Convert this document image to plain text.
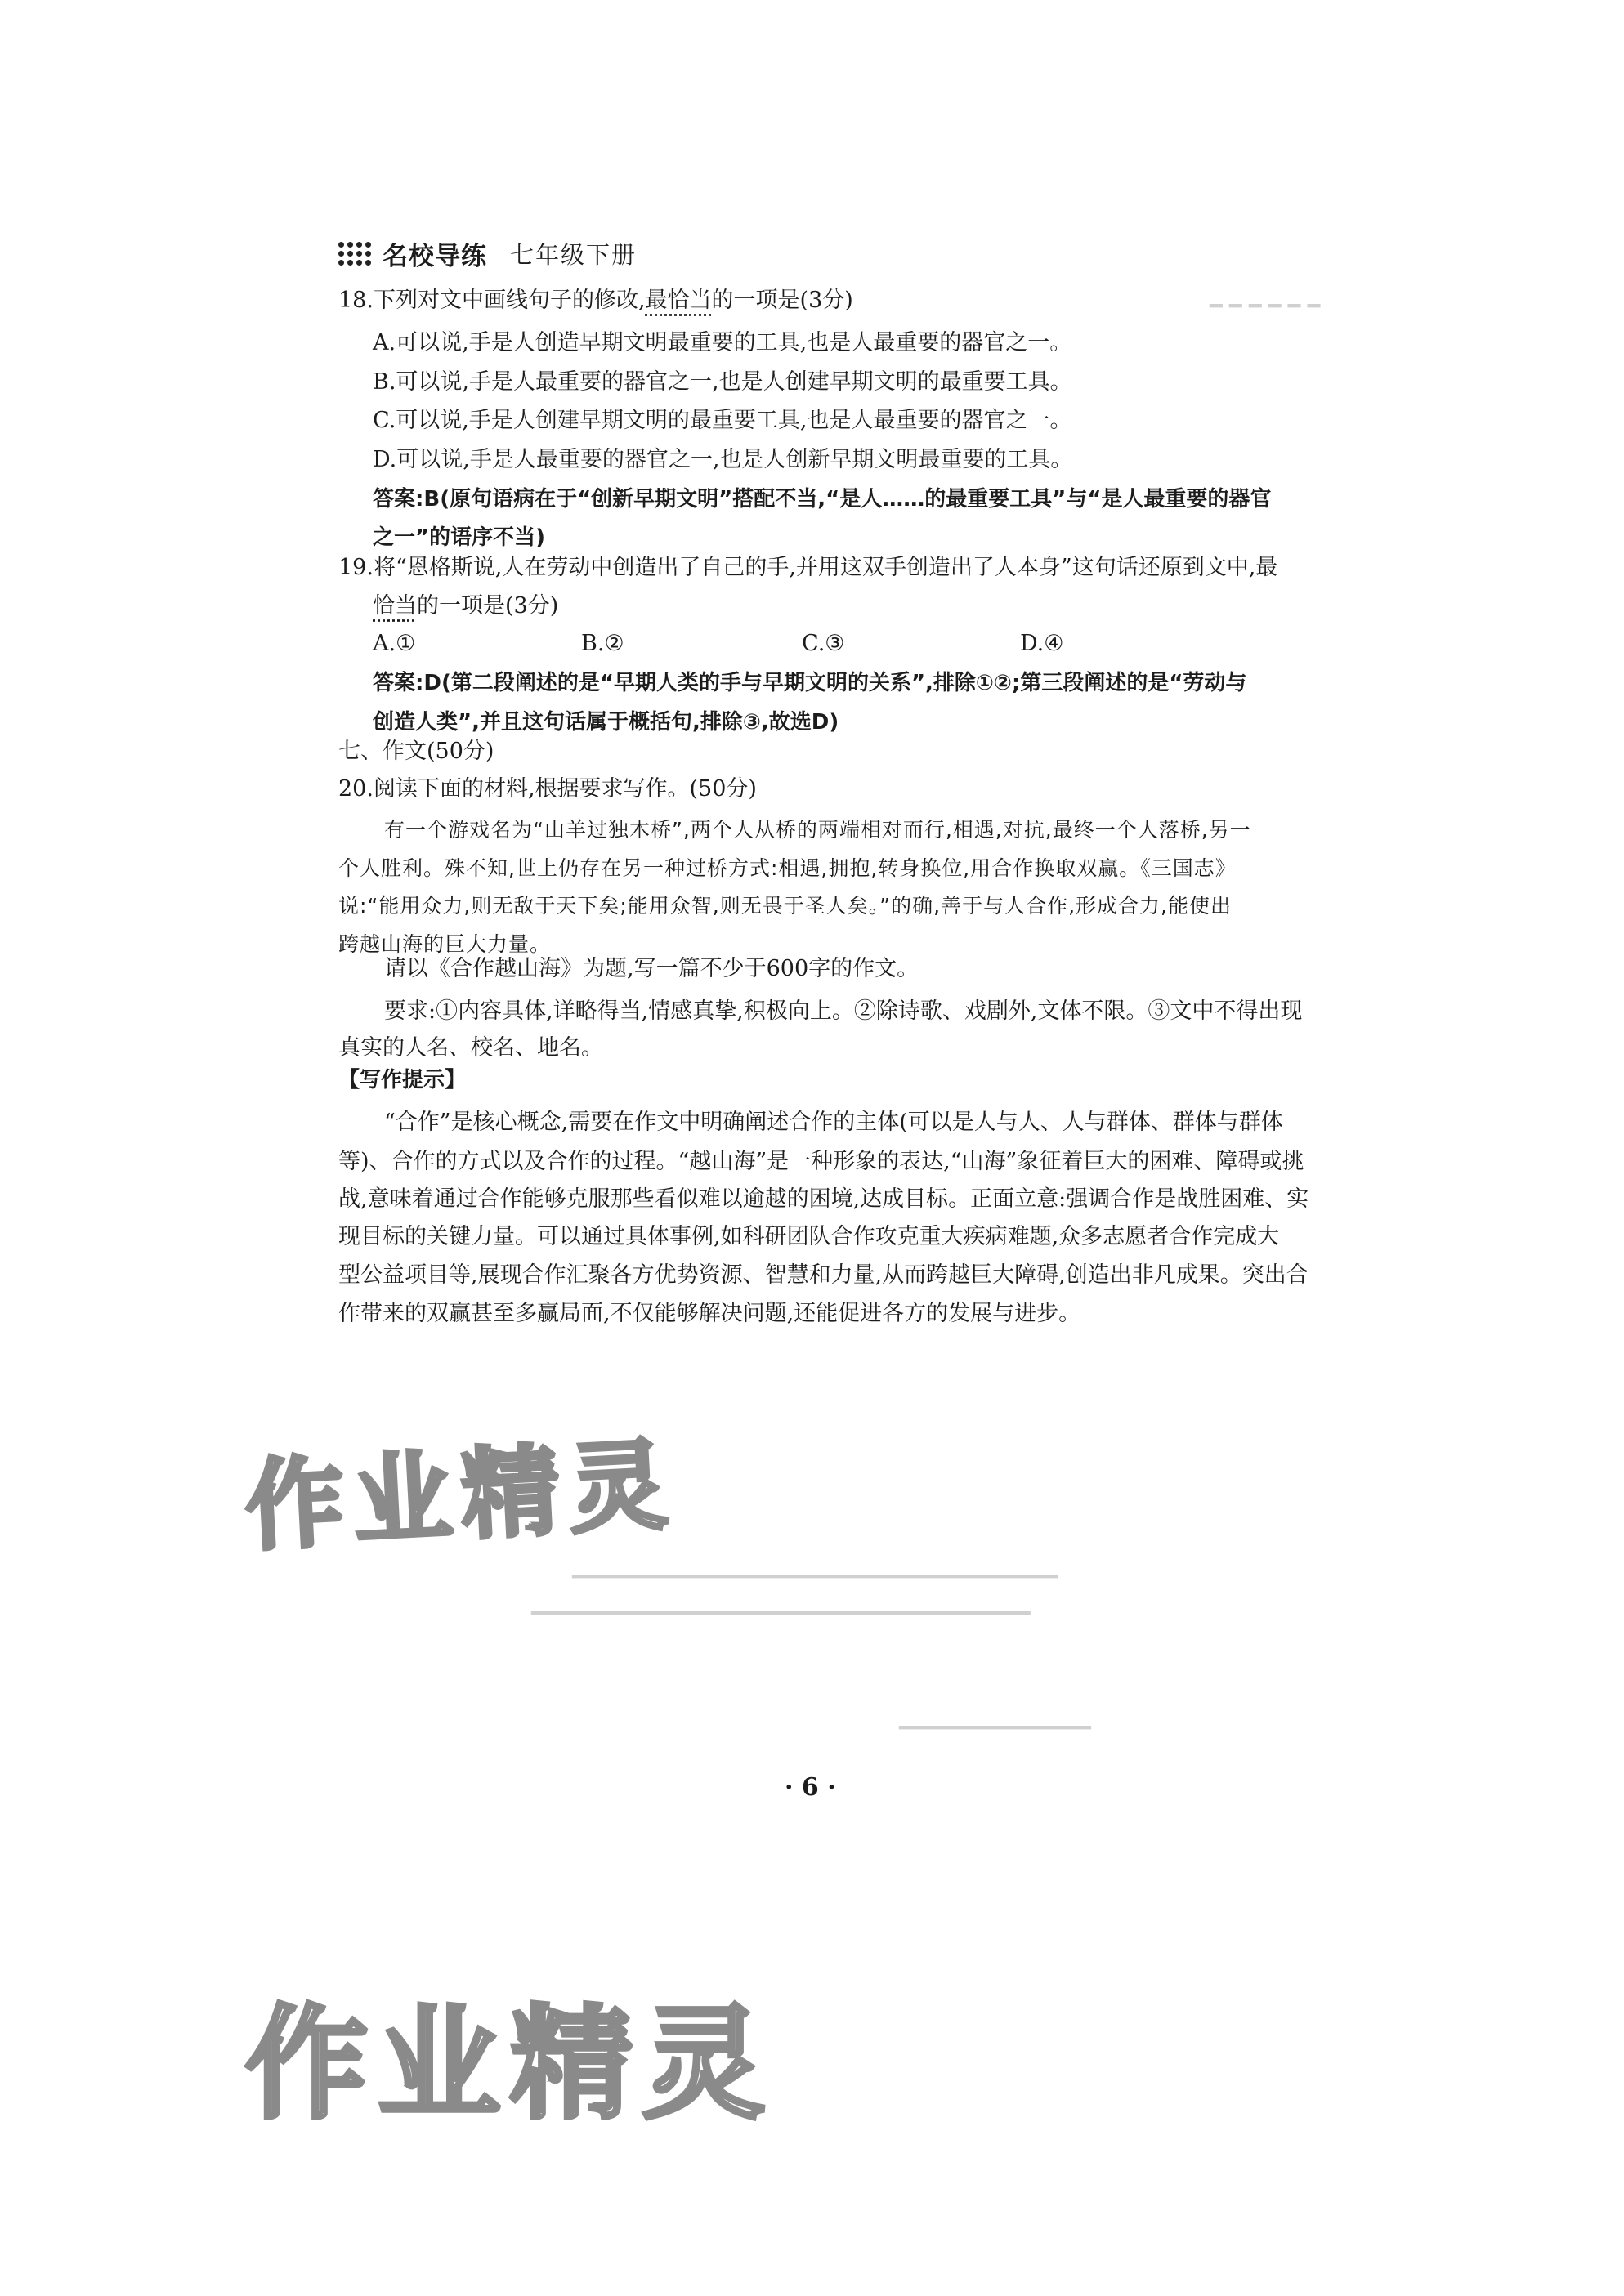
━ ━ ━ ━ ━ ━
━━━━━━━━━━━━━━━━━━━━━━━━━━━━━━━━━━━━━━
━━━━━━━━━━━━━━━━━━━━━━━━━━━━━━━━━━━━━━━
━━━━━━━━━━━━━━━
名校导练 七年级下册
18.下列对文中画线句子的修改,最恰当的一项是(3分)
A.可以说,手是人创造早期文明最重要的工具,也是人最重要的器官之一。
B.可以说,手是人最重要的器官之一,也是人创建早期文明的最重要工具。
C.可以说,手是人创建早期文明的最重要工具,也是人最重要的器官之一。
D.可以说,手是人最重要的器官之一,也是人创新早期文明最重要的工具。
答案:B(原句语病在于“创新早期文明”搭配不当,“是人……的最重要工具”与“是人最重要的器官
之一”的语序不当)
19.将“恩格斯说,人在劳动中创造出了自己的手,并用这双手创造出了人本身”这句话还原到文中,最
恰当的一项是(3分)
A.①	B.②	C.③	D.④
答案:D(第二段阐述的是“早期人类的手与早期文明的关系”,排除①②;第三段阐述的是“劳动与
创造人类”,并且这句话属于概括句,排除③,故选D)
七、作文(50分)
20.阅读下面的材料,根据要求写作。(50分)
有一个游戏名为“山羊过独木桥”,两个人从桥的两端相对而行,相遇,对抗,最终一个人落桥,另一
个人胜利。殊不知,世上仍存在另一种过桥方式:相遇,拥抱,转身换位,用合作换取双赢。《三国志》
说:“能用众力,则无敌于天下矣;能用众智,则无畏于圣人矣。”的确,善于与人合作,形成合力,能使出
跨越山海的巨大力量。
请以《合作越山海》为题,写一篇不少于600字的作文。
要求:①内容具体,详略得当,情感真挚,积极向上。②除诗歌、戏剧外,文体不限。③文中不得出现
真实的人名、校名、地名。
【写作提示】
“合作”是核心概念,需要在作文中明确阐述合作的主体(可以是人与人、人与群体、群体与群体
等)、合作的方式以及合作的过程。“越山海”是一种形象的表达,“山海”象征着巨大的困难、障碍或挑
战,意味着通过合作能够克服那些看似难以逾越的困境,达成目标。正面立意:强调合作是战胜困难、实
现目标的关键力量。可以通过具体事例,如科研团队合作攻克重大疾病难题,众多志愿者合作完成大
型公益项目等,展现合作汇聚各方优势资源、智慧和力量,从而跨越巨大障碍,创造出非凡成果。突出合
作带来的双赢甚至多赢局面,不仅能够解决问题,还能促进各方的发展与进步。
作业精灵
作业精灵
· 6 ·
